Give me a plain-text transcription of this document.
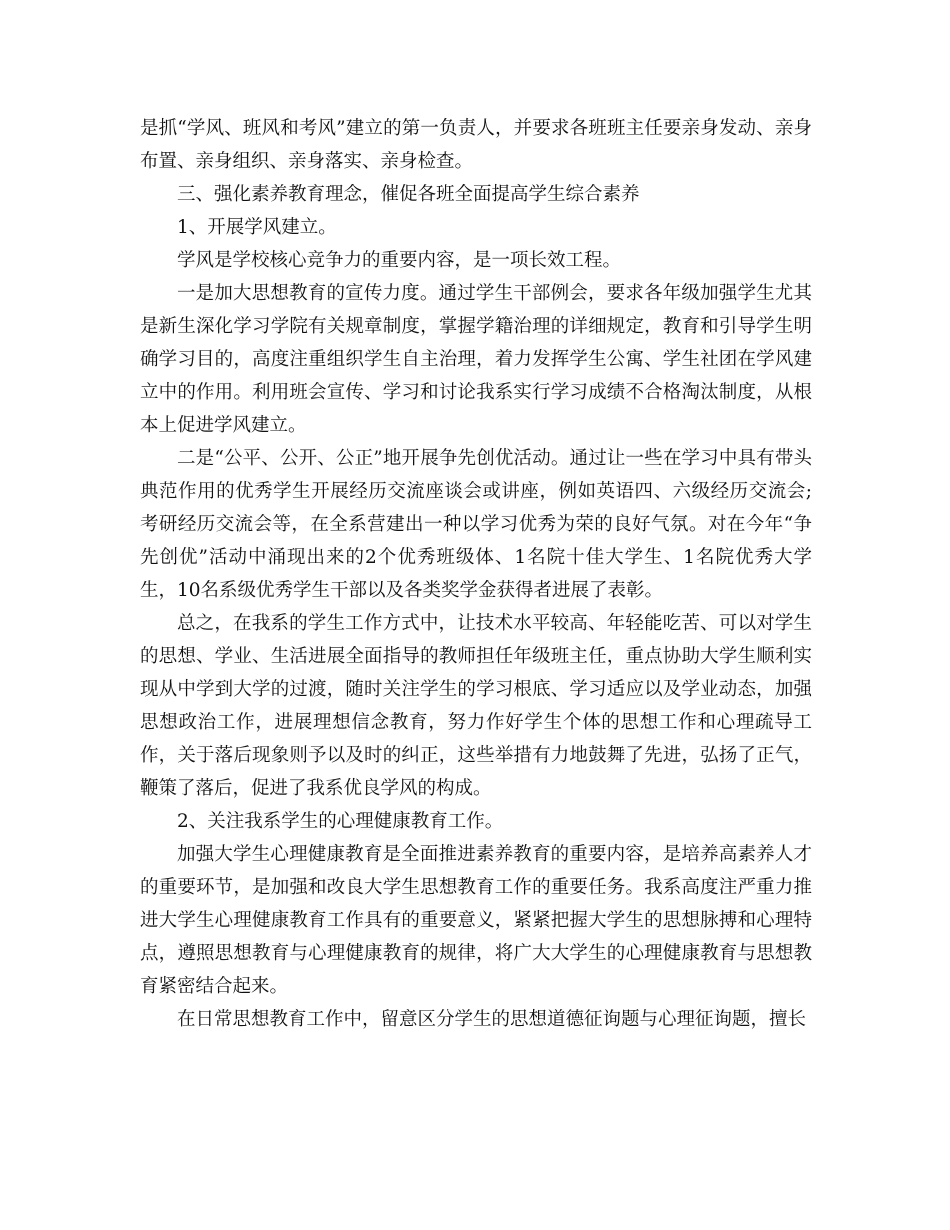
是抓“学风、班风和考风”建立的第一负责人，并要求各班班主任要亲身发动、亲身布置、亲身组织、亲身落实、亲身检查。

三、强化素养教育理念，催促各班全面提高学生综合素养

1、开展学风建立。

学风是学校核心竞争力的重要内容，是一项长效工程。

一是加大思想教育的宣传力度。通过学生干部例会，要求各年级加强学生尤其是新生深化学习学院有关规章制度，掌握学籍治理的详细规定，教育和引导学生明确学习目的，高度注重组织学生自主治理，着力发挥学生公寓、学生社团在学风建立中的作用。利用班会宣传、学习和讨论我系实行学习成绩不合格淘汰制度，从根本上促进学风建立。

二是“公平、公开、公正”地开展争先创优活动。通过让一些在学习中具有带头典范作用的优秀学生开展经历交流座谈会或讲座，例如英语四、六级经历交流会;考研经历交流会等，在全系营建出一种以学习优秀为荣的良好气氛。对在今年“争先创优”活动中涌现出来的2个优秀班级体、1名院十佳大学生、1名院优秀大学生，10名系级优秀学生干部以及各类奖学金获得者进展了表彰。

总之，在我系的学生工作方式中，让技术水平较高、年轻能吃苦、可以对学生的思想、学业、生活进展全面指导的教师担任年级班主任，重点协助大学生顺利实现从中学到大学的过渡，随时关注学生的学习根底、学习适应以及学业动态，加强思想政治工作，进展理想信念教育，努力作好学生个体的思想工作和心理疏导工作，关于落后现象则予以及时的纠正，这些举措有力地鼓舞了先进，弘扬了正气，鞭策了落后，促进了我系优良学风的构成。

2、关注我系学生的心理健康教育工作。

加强大学生心理健康教育是全面推进素养教育的重要内容，是培养高素养人才的重要环节，是加强和改良大学生思想教育工作的重要任务。我系高度注严重力推进大学生心理健康教育工作具有的重要意义，紧紧把握大学生的思想脉搏和心理特点，遵照思想教育与心理健康教育的规律，将广大大学生的心理健康教育与思想教育紧密结合起来。

在日常思想教育工作中，留意区分学生的思想道德征询题与心理征询题，擅长
